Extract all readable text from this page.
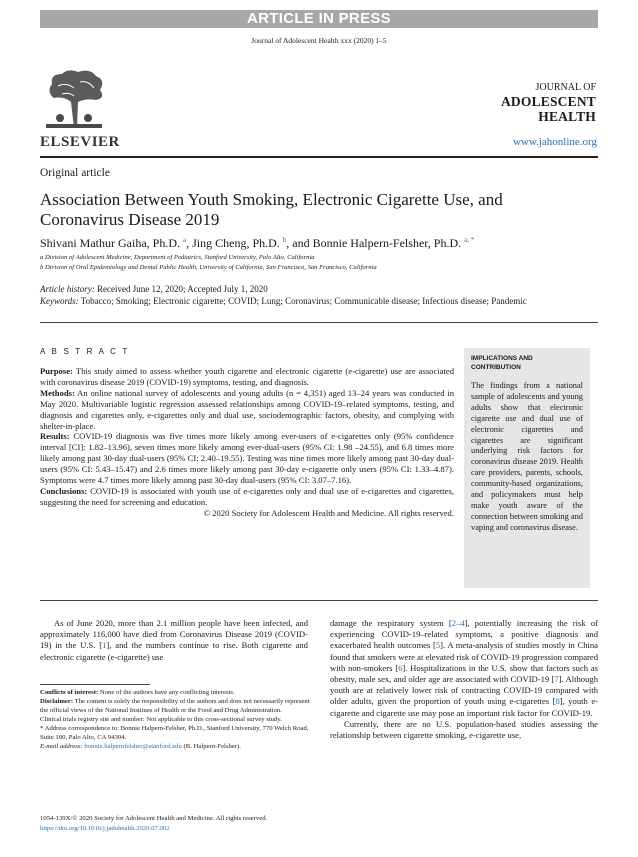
ARTICLE IN PRESS
Journal of Adolescent Health xxx (2020) 1–5
ELSEVIER
JOURNAL OF
ADOLESCENT
HEALTH
www.jahonline.org
Original article
Association Between Youth Smoking, Electronic Cigarette Use, and Coronavirus Disease 2019
Shivani Mathur Gaiha, Ph.D. $^a$, Jing Cheng, Ph.D. $^b$, and Bonnie Halpern-Felsher, Ph.D. $^{a, *}$
a Division of Adolescent Medicine, Department of Pediatrics, Stanford University, Palo Alto, California
b Division of Oral Epidemiology and Dental Public Health, University of California, San Francisco, San Francisco, California
Article history: Received June 12, 2020; Accepted July 1, 2020
Keywords: Tobacco; Smoking; Electronic cigarette; COVID; Lung; Coronavirus; Communicable disease; Infectious disease; Pandemic
A B S T R A C T

Purpose: This study aimed to assess whether youth cigarette and electronic cigarette (e-cigarette) use are associated with coronavirus disease 2019 (COVID-19) symptoms, testing, and diagnosis.

Methods: An online national survey of adolescents and young adults (n = 4,351) aged 13–24 years was conducted in May 2020. Multivariable logistic regression assessed relationships among COVID-19–related symptoms, testing, and diagnosis and cigarettes only, e-cigarettes only and dual use, sociodemographic factors, obesity, and complying with shelter-in-place.

Results: COVID-19 diagnosis was five times more likely among ever-users of e-cigarettes only (95% confidence interval [CI]: 1.82–13.96), seven times more likely among ever-dual-users (95% CI: 1.98 –24.55), and 6.8 times more likely among past 30-day dual-users (95% CI: 2.40–19.55). Testing was nine times more likely among past 30-day dual-users (95% CI: 5.43–15.47) and 2.6 times more likely among past 30-day e-cigarette only users (95% CI: 1.33–4.87). Symptoms were 4.7 times more likely among past 30-day dual-users (95% CI: 3.07–7.16).

Conclusions: COVID-19 is associated with youth use of e-cigarettes only and dual use of e-cigarettes and cigarettes, suggesting the need for screening and education.

© 2020 Society for Adolescent Health and Medicine. All rights reserved.

IMPLICATIONS AND CONTRIBUTION
The findings from a national sample of adolescents and young adults show that electronic cigarette use and dual use of electronic cigarettes and cigarettes are significant underlying risk factors for coronavirus disease 2019. Health care providers, parents, schools, community-based organizations, and policymakers must help make youth aware of the connection between smoking and vaping and coronavirus disease.

As of June 2020, more than 2.1 million people have been infected, and approximately 116,000 have died from Coronavirus Disease 2019 (COVID-19) in the U.S. [1], and the numbers continue to rise. Both cigarette and electronic cigarette (e-cigarette) use

Conflicts of interest: None of the authors have any conflicting interests.

Disclaimer: The content is solely the responsibility of the authors and does not necessarily represent the official views of the National Institues of Health or the Food and Drug Administration.

Clinical trials registry site and number: Not applicable to this cross-sectional survey study.

* Address correspondence to: Bonnie Halpern-Felsher, Ph.D., Stanford University, 770 Welch Road, Suite 100, Palo Alto, CA 94304.

E-mail address: bonnie.halpernfelsher@stanford.edu (B. Halpern-Felsher).

1054-139X/© 2020 Society for Adolescent Health and Medicine. All rights reserved.
https://doi.org/10.1016/j.jadohealth.2020.07.002

damage the respiratory system [2–4], potentially increasing the risk of experiencing COVID-19–related symptoms, a positive diagnosis and exacerbated health outcomes [5]. A meta-analysis of studies mostly in China found that smokers were at elevated risk of COVID-19 progression compared with non-smokers [6]. Hospitalizations in the U.S. show that factors such as obesity, male sex, and older age are associated with COVID-19 [7]. Although youth are at relatively lower risk of contracting COVID-19 compared with older adults, given the proportion of youth using e-cigarettes [8], youth e-cigarette and cigarette use may pose an important risk factor for COVID-19.

Currently, there are no U.S. population-based studies assessing the relationship between cigarette smoking, e-cigarette use,
